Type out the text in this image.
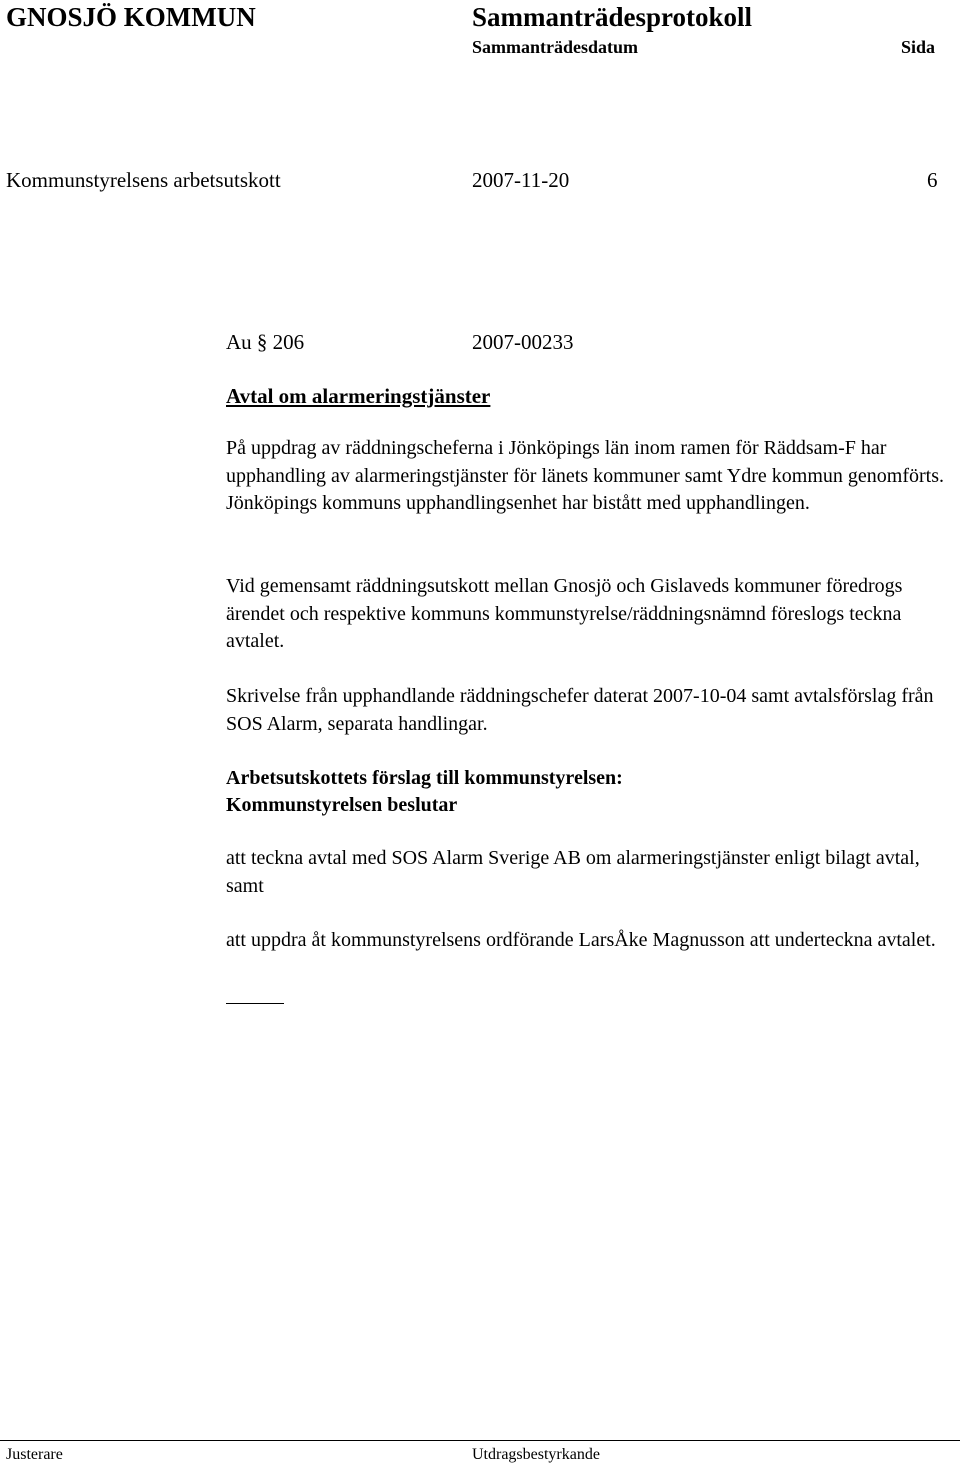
GNOSJÖ KOMMUN	Sammanträdesprotokoll
Sammanträdesdatum	Sida
Kommunstyrelsens arbetsutskott	2007-11-20	6
Au § 206	2007-00233
Avtal om alarmeringstjänster

På uppdrag av räddningscheferna i Jönköpings län inom ramen för Räddsam-F har upphandling av alarmeringstjänster för länets kommuner samt Ydre kommun genomförts. Jönköpings kommuns upphandlingsenhet har bistått med upphandlingen.

Vid gemensamt räddningsutskott mellan Gnosjö och Gislaveds kommuner föredrogs ärendet och respektive kommuns kommunstyrelse/räddningsnämnd föreslogs teckna avtalet.

Skrivelse från upphandlande räddningschefer daterat 2007-10-04 samt avtalsförslag från SOS Alarm, separata handlingar.

Arbetsutskottets förslag till kommunstyrelsen:

Kommunstyrelsen beslutar

att teckna avtal med SOS Alarm Sverige AB om alarmeringstjänster enligt bilagt avtal, samt

att uppdra åt kommunstyrelsens ordförande LarsÅke Magnusson att underteckna avtalet.

Justerare	Utdragsbestyrkande
